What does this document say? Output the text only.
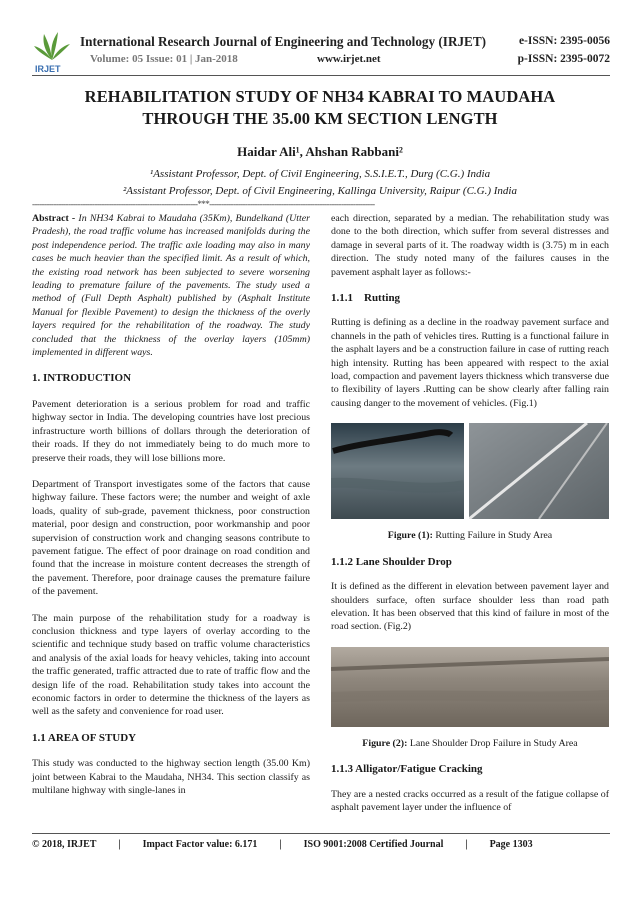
IRJET
International Research Journal of Engineering and Technology (IRJET)	e-ISSN: 2395-0056
Volume: 05 Issue: 01 | Jan-2018	www.irjet.net	p-ISSN: 2395-0072
REHABILITATION STUDY OF NH34 KABRAI TO MAUDAHA
THROUGH THE 35.00 KM SECTION LENGTH
Haidar Ali¹, Ahshan Rabbani²
¹Assistant Professor, Dept. of Civil Engineering, S.S.I.E.T., Durg (C.G.) India
²Assistant Professor, Dept. of Civil Engineering, Kallinga University, Raipur (C.G.) India
---------------------------------------------------------------------***---------------------------------------------------------------------

Abstract - In NH34 Kabrai to Maudaha (35Km), Bundelkand (Utter Pradesh), the road traffic volume has increased manifolds during the post independence period. The traffic axle loading may also in many cases be much heavier than the specified limit. As a result of which, the existing road network has been subjected to severe worsening leading to premature failure of the pavements. The study used a method of (Full Depth Asphalt) published by (Asphalt Institute Manual for flexible Pavement) to design the thickness of the overly layers required for the rehabilitation of the roadway. The study concluded that the thickness of the overlay layers (105mm) implemented in different ways.

1. INTRODUCTION

Pavement deterioration is a serious problem for road and traffic highway sector in India. The developing countries have lost precious infrastructure worth billions of dollars through the deterioration of their roads. If they do not immediately being to do much more to preserve their roads, they will lose billions more.

Department of Transport investigates some of the factors that cause highway failure. These factors were; the number and weight of axle loads, quality of sub-grade, pavement thickness, poor construction material, poor design and construction, poor workmanship and poor supervision of construction work and changing seasons contribute to pavement fatigue. The effect of poor drainage on road condition and found that the increase in moisture content decreases the strength of the pavement. Therefore, poor drainage causes the premature failure of the pavement.

The main purpose of the rehabilitation study for a roadway is conclusion thickness and type layers of overlay according to the scientific and technique study based on traffic volume characteristics and analysis of the axial loads for heavy vehicles, taking into account the traffic generated, traffic attracted due to rate of traffic flow and the design life of the road. Rehabilitation study takes into account the economic factors in order to determine the thickness of the layers as well as the safety and convenience for road user.

1.1 AREA OF STUDY

This study was conducted to the highway section length (35.00 Km) joint between Kabrai to the Maudaha, NH34. This section classify as multilane highway with single-lanes in

each direction, separated by a median. The rehabilitation study was done to the both direction, which suffer from several distresses and damage in several parts of it. The roadway width is (3.75) m in each direction. The study noted many of the failures causes in the pavement asphalt layer as follows:-

1.1.1 Rutting

Rutting is defining as a decline in the roadway pavement surface and channels in the path of vehicles tires. Rutting is a functional failure in the asphalt layers and be a construction failure in case of rutting reach high intensity. Rutting has been appeared with respect to the axial load, compaction and pavement layers thickness which transverse due to flexibility of layers .Rutting can be show clearly after falling rain causing danger to the movement of vehicles. (Fig.1)

Figure (1): Rutting Failure in Study Area

1.1.2 Lane Shoulder Drop

It is defined as the different in elevation between pavement layer and shoulders surface, often surface shoulder less than road path elevation. It has been observed that this kind of failure in most of the road section. (Fig.2)

Figure (2): Lane Shoulder Drop Failure in Study Area

1.1.3 Alligator/Fatigue Cracking

They are a nested cracks occurred as a result of the fatigue collapse of asphalt pavement layer under the influence of

© 2018, IRJET | Impact Factor value: 6.171 | ISO 9001:2008 Certified Journal | Page 1303
